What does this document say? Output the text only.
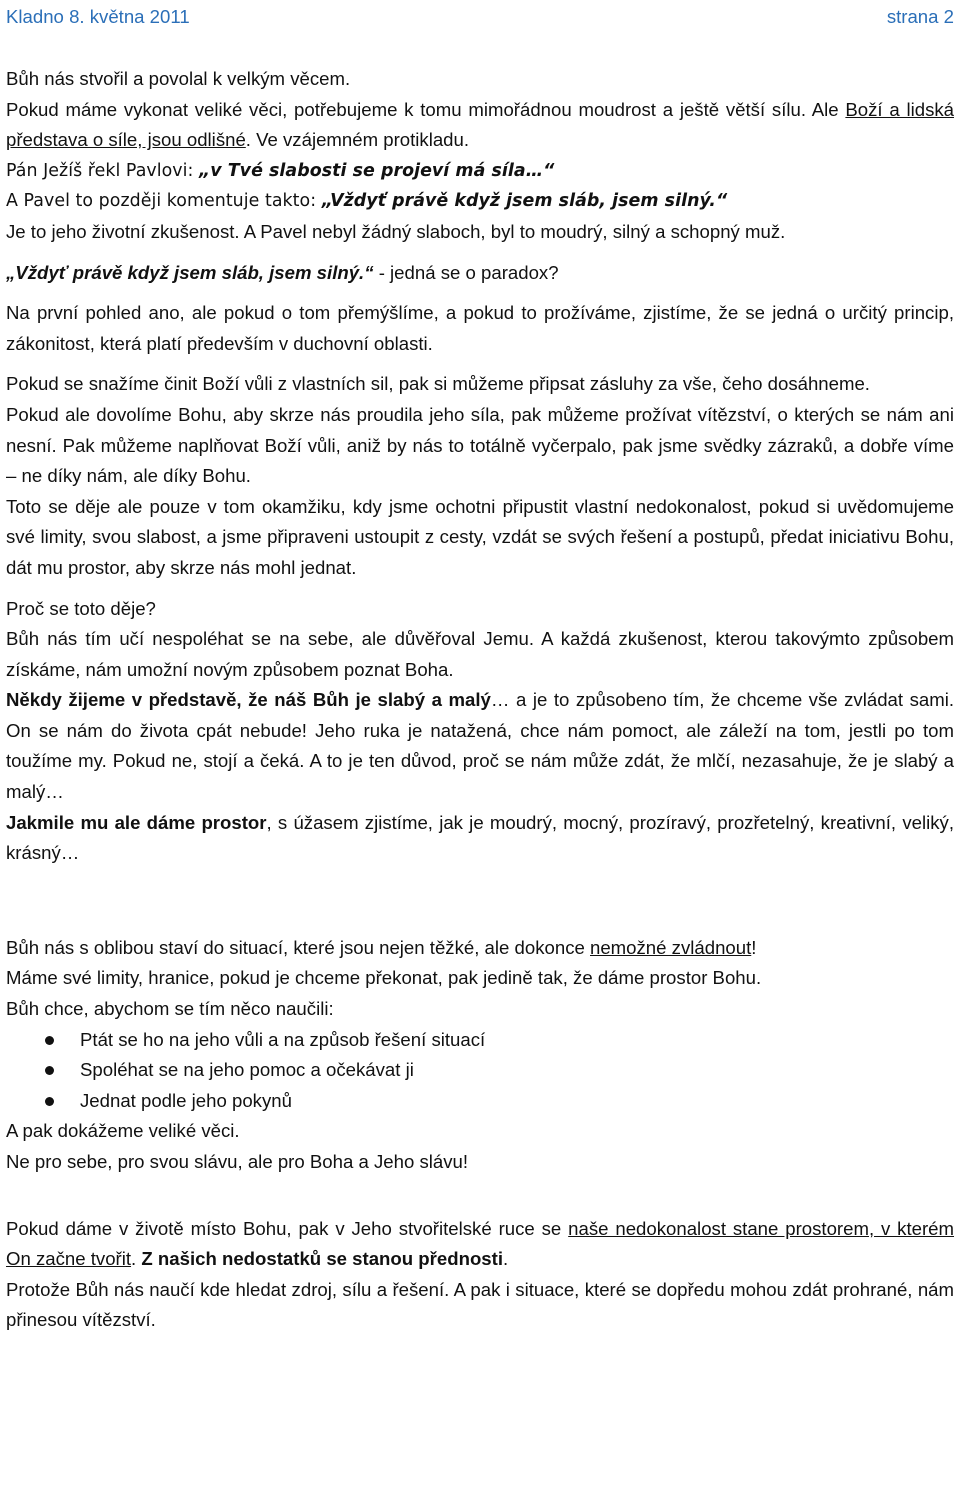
Kladno 8. května 2011	strana 2

Bůh nás stvořil a povolal k velkým věcem.

Pokud máme vykonat veliké věci, potřebujeme k tomu mimořádnou moudrost a ještě větší sílu. Ale Boží a lidská představa o síle, jsou odlišné. Ve vzájemném protikladu.

Pán Ježíš řekl Pavlovi: „v Tvé slabosti se projeví má síla…“

A Pavel to později komentuje takto: „Vždyť právě když jsem sláb, jsem silný.“

Je to jeho životní zkušenost. A Pavel nebyl žádný slaboch, byl to moudrý, silný a schopný muž.

„Vždyť právě když jsem sláb, jsem silný.“ - jedná se o paradox?

Na první pohled ano, ale pokud o tom přemýšlíme, a pokud to prožíváme, zjistíme, že se jedná o určitý princip, zákonitost, která platí především v duchovní oblasti.

Pokud se snažíme činit Boží vůli z vlastních sil, pak si můžeme připsat zásluhy za vše, čeho dosáhneme.

Pokud ale dovolíme Bohu, aby skrze nás proudila jeho síla, pak můžeme prožívat vítězství, o kterých se nám ani nesní. Pak můžeme naplňovat Boží vůli, aniž by nás to totálně vyčerpalo, pak jsme svědky zázraků, a dobře víme – ne díky nám, ale díky Bohu.

Toto se děje ale pouze v tom okamžiku, kdy jsme ochotni připustit vlastní nedokonalost, pokud si uvědomujeme své limity, svou slabost, a jsme připraveni ustoupit z cesty, vzdát se svých řešení a postupů, předat iniciativu Bohu, dát mu prostor, aby skrze nás mohl jednat.

Proč se toto děje?

Bůh nás tím učí nespoléhat se na sebe, ale důvěřoval Jemu. A každá zkušenost, kterou takovýmto způsobem získáme, nám umožní novým způsobem poznat Boha.

Někdy žijeme v představě, že náš Bůh je slabý a malý… a je to způsobeno tím, že chceme vše zvládat sami. On se nám do života cpát nebude! Jeho ruka je natažená, chce nám pomoct, ale záleží na tom, jestli po tom toužíme my. Pokud ne, stojí a čeká. A to je ten důvod, proč se nám může zdát, že mlčí, nezasahuje, že je slabý a malý…

Jakmile mu ale dáme prostor, s úžasem zjistíme, jak je moudrý, mocný, prozíravý, prozřetelný, kreativní, veliký, krásný…

Bůh nás s oblibou staví do situací, které jsou nejen těžké, ale dokonce nemožné zvládnout!

Máme své limity, hranice, pokud je chceme překonat, pak jedině tak, že dáme prostor Bohu.

Bůh chce, abychom se tím něco naučili:

Ptát se ho na jeho vůli a na způsob řešení situací
Spoléhat se na jeho pomoc a očekávat ji
Jednat podle jeho pokynů

A pak dokážeme veliké věci.

Ne pro sebe, pro svou slávu, ale pro Boha a Jeho slávu!

Pokud dáme v životě místo Bohu, pak v Jeho stvořitelské ruce se naše nedokonalost stane prostorem, v kterém On začne tvořit. Z našich nedostatků se stanou přednosti.

Protože Bůh nás naučí kde hledat zdroj, sílu a řešení. A pak i situace, které se dopředu mohou zdát prohrané, nám přinesou vítězství.
